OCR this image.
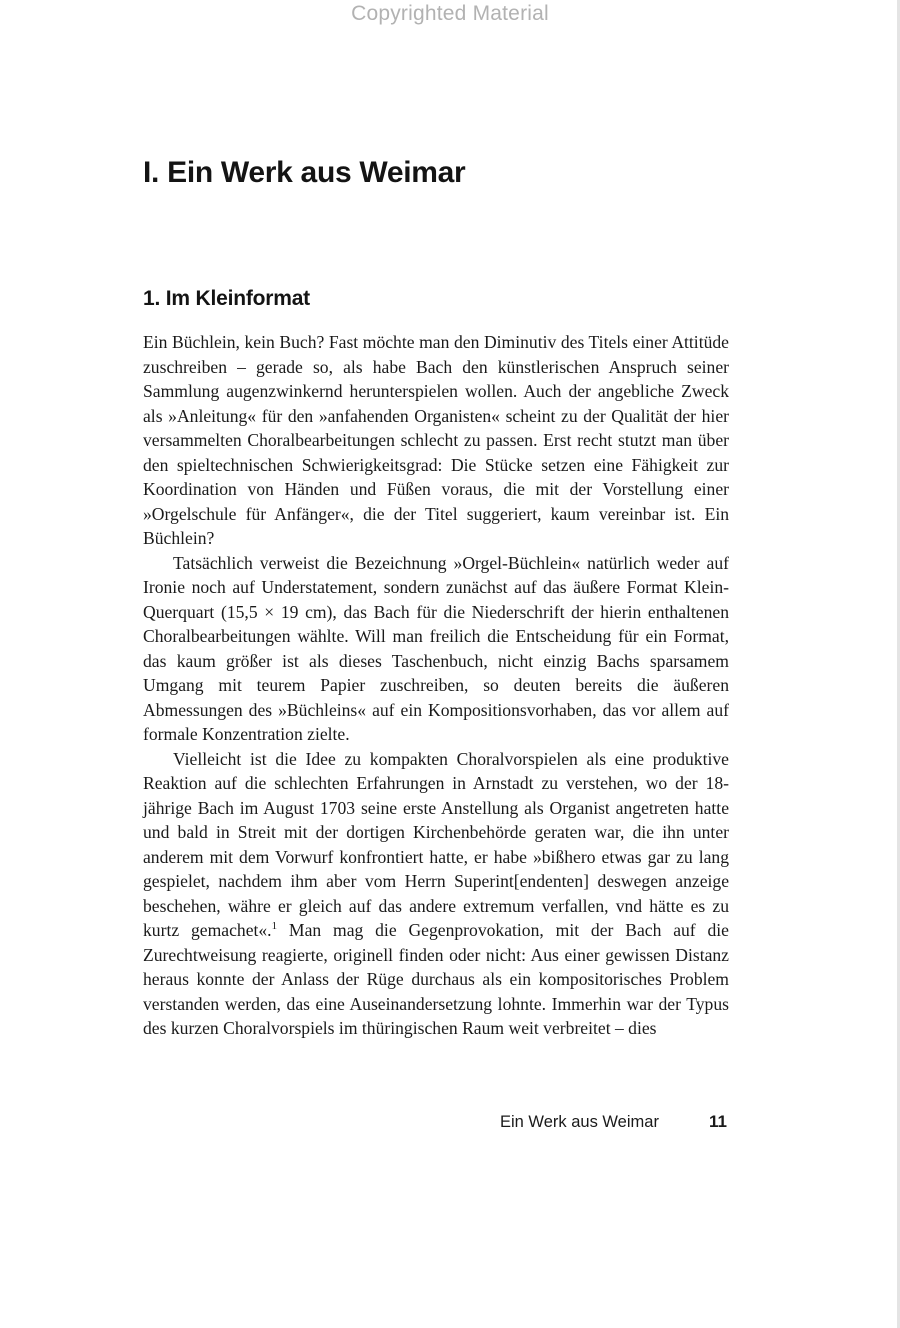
Copyrighted Material
I. Ein Werk aus Weimar
1. Im Kleinformat

Ein Büchlein, kein Buch? Fast möchte man den Diminutiv des Titels einer Attitüde zuschreiben – gerade so, als habe Bach den künstlerischen Anspruch seiner Sammlung augenzwinkernd herunterspielen wollen. Auch der angebliche Zweck als »Anleitung« für den »anfahenden Organisten« scheint zu der Qualität der hier versammelten Choralbearbeitungen schlecht zu passen. Erst recht stutzt man über den spieltechnischen Schwierigkeitsgrad: Die Stücke setzen eine Fähigkeit zur Koordination von Händen und Füßen voraus, die mit der Vorstellung einer »Orgelschule für Anfänger«, die der Titel suggeriert, kaum vereinbar ist. Ein Büchlein?

Tatsächlich verweist die Bezeichnung »Orgel-Büchlein« natürlich weder auf Ironie noch auf Understatement, sondern zunächst auf das äußere Format Klein-Querquart (15,5 × 19 cm), das Bach für die Niederschrift der hierin enthaltenen Choralbearbeitungen wählte. Will man freilich die Entscheidung für ein Format, das kaum größer ist als dieses Taschenbuch, nicht einzig Bachs sparsamem Umgang mit teurem Papier zuschreiben, so deuten bereits die äußeren Abmessungen des »Büchleins« auf ein Kompositionsvorhaben, das vor allem auf formale Konzentration zielte.

Vielleicht ist die Idee zu kompakten Choralvorspielen als eine produktive Reaktion auf die schlechten Erfahrungen in Arnstadt zu verstehen, wo der 18-jährige Bach im August 1703 seine erste Anstellung als Organist angetreten hatte und bald in Streit mit der dortigen Kirchenbehörde geraten war, die ihn unter anderem mit dem Vorwurf konfrontiert hatte, er habe »bißhero etwas gar zu lang gespielet, nachdem ihm aber vom Herrn Superint[endenten] deswegen anzeige beschehen, währe er gleich auf das andere extremum verfallen, vnd hätte es zu kurtz gemachet«.$^1$ Man mag die Gegenprovokation, mit der Bach auf die Zurechtweisung reagierte, originell finden oder nicht: Aus einer gewissen Distanz heraus konnte der Anlass der Rüge durchaus als ein kompositorisches Problem verstanden werden, das eine Auseinandersetzung lohnte. Immerhin war der Typus des kurzen Choralvorspiels im thüringischen Raum weit verbreitet – dies

Ein Werk aus Weimar	11
